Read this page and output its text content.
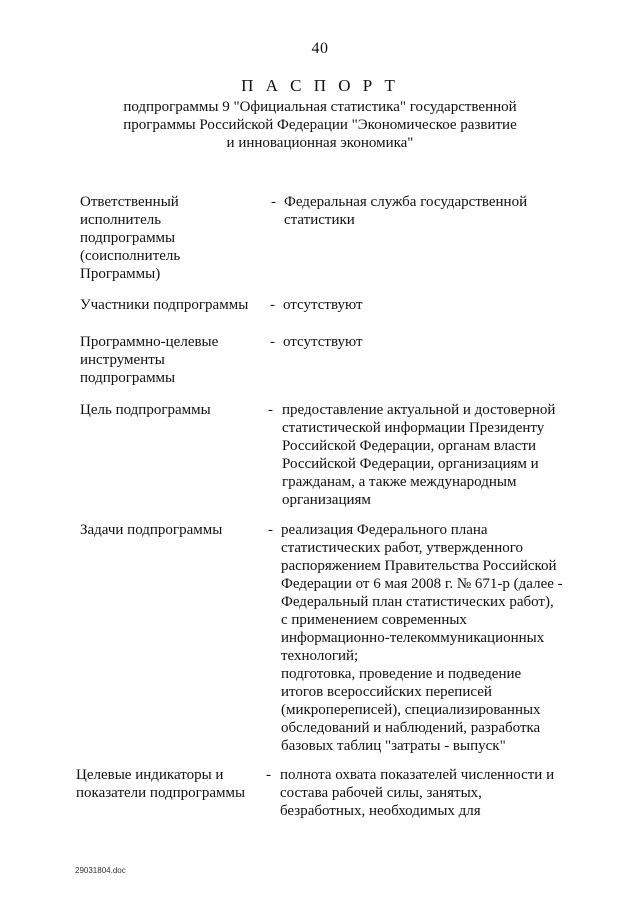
40
П А С П О Р Т
подпрограммы 9 "Официальная статистика" государственной
программы Российской Федерации "Экономическое развитие
и инновационная экономика"
Ответственный
исполнитель
подпрограммы
(соисполнитель
Программы)
- Федеральная служба государственной
статистики
Участники подпрограммы - отсутствуют
Программно-целевые
инструменты
подпрограммы
- отсутствуют
Цель подпрограммы	- предоставление актуальной и достоверной
статистической информации Президенту
Российской Федерации, органам власти
Российской Федерации, организациям и
гражданам, а также международным
организациям
Задачи подпрограммы	- реализация Федерального плана
статистических работ, утвержденного
распоряжением Правительства Российской
Федерации от 6 мая 2008 г. № 671-р (далее -
Федеральный план статистических работ),
с применением современных
информационно-телекоммуникационных
технологий;
подготовка, проведение и подведение
итогов всероссийских переписей
(микропереписей), специализированных
обследований и наблюдений, разработка
базовых таблиц "затраты - выпуск"
Целевые индикаторы и
показатели подпрограммы
- полнота охвата показателей численности и
состава рабочей силы, занятых,
безработных, необходимых для
29031804.doc
